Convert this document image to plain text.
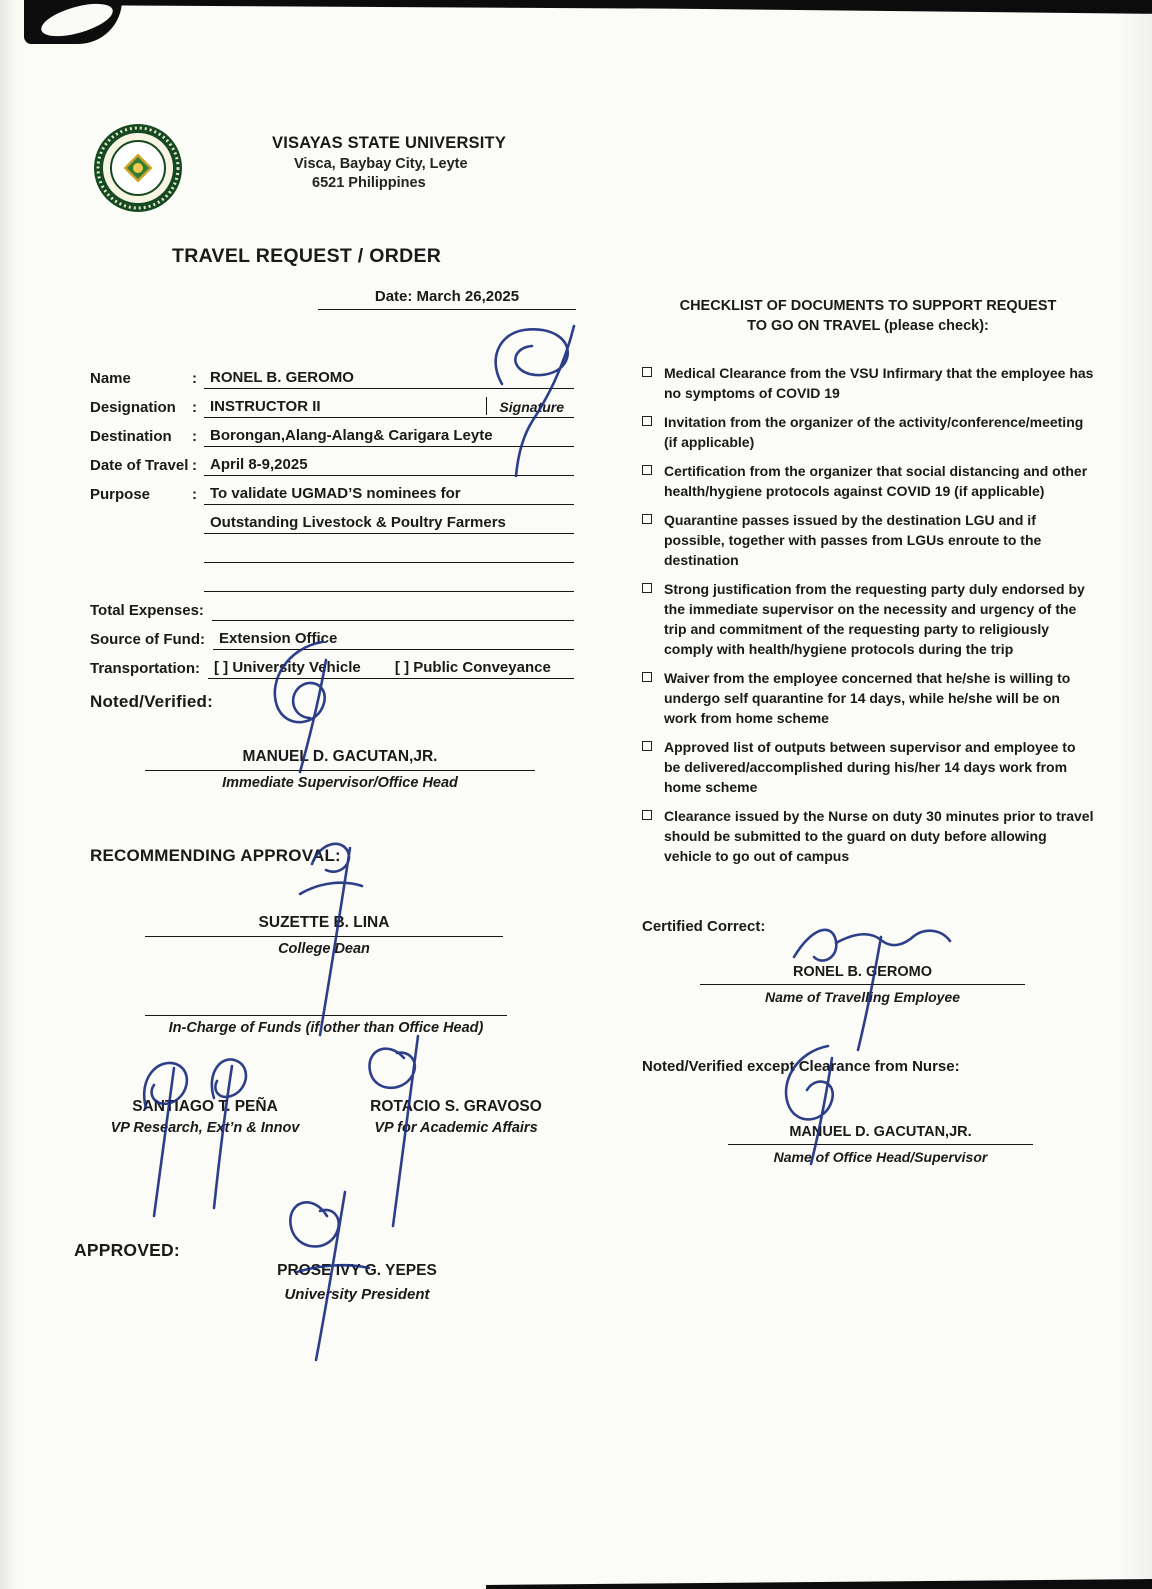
VISAYAS STATE UNIVERSITY
Visca, Baybay City, Leyte
6521 Philippines
TRAVEL REQUEST / ORDER
Date: March 26,2025
Name	: RONEL B. GEROMO
Designation	: INSTRUCTOR II	Signature
Destination	: Borongan,Alang-Alang& Carigara Leyte
Date of Travel : April 8-9,2025
Purpose	: To validate UGMAD’S nominees for
Outstanding Livestock & Poultry Farmers
Total Expenses:
Source of Fund: Extension Office
Transportation: [ ] University Vehicle [ ] Public Conveyance
Noted/Verified:
MANUEL D. GACUTAN,JR.
Immediate Supervisor/Office Head
RECOMMENDING APPROVAL:
SUZETTE B. LINA
College Dean
In-Charge of Funds (if other than Office Head)
SANTIAGO T. PEÑA
VP Research, Ext’n & Innov
ROTACIO S. GRAVOSO
VP for Academic Affairs
APPROVED:
PROSE IVY G. YEPES
University President
CHECKLIST OF DOCUMENTS TO SUPPORT REQUEST
TO GO ON TRAVEL (please check):
Medical Clearance from the VSU Infirmary that the employee has no symptoms of COVID 19
Invitation from the organizer of the activity/conference/meeting (if applicable)
Certification from the organizer that social distancing and other health/hygiene protocols against COVID 19 (if applicable)
Quarantine passes issued by the destination LGU and if possible, together with passes from LGUs enroute to the destination
Strong justification from the requesting party duly endorsed by the immediate supervisor on the necessity and urgency of the trip and commitment of the requesting party to religiously comply with health/hygiene protocols during the trip
Waiver from the employee concerned that he/she is willing to undergo self quarantine for 14 days, while he/she will be on work from home scheme
Approved list of outputs between supervisor and employee to be delivered/accomplished during his/her 14 days work from home scheme
Clearance issued by the Nurse on duty 30 minutes prior to travel should be submitted to the guard on duty before allowing vehicle to go out of campus
Certified Correct:
RONEL B. GEROMO
Name of Travelling Employee
Noted/Verified except Clearance from Nurse:
MANUEL D. GACUTAN,JR.
Name of Office Head/Supervisor
